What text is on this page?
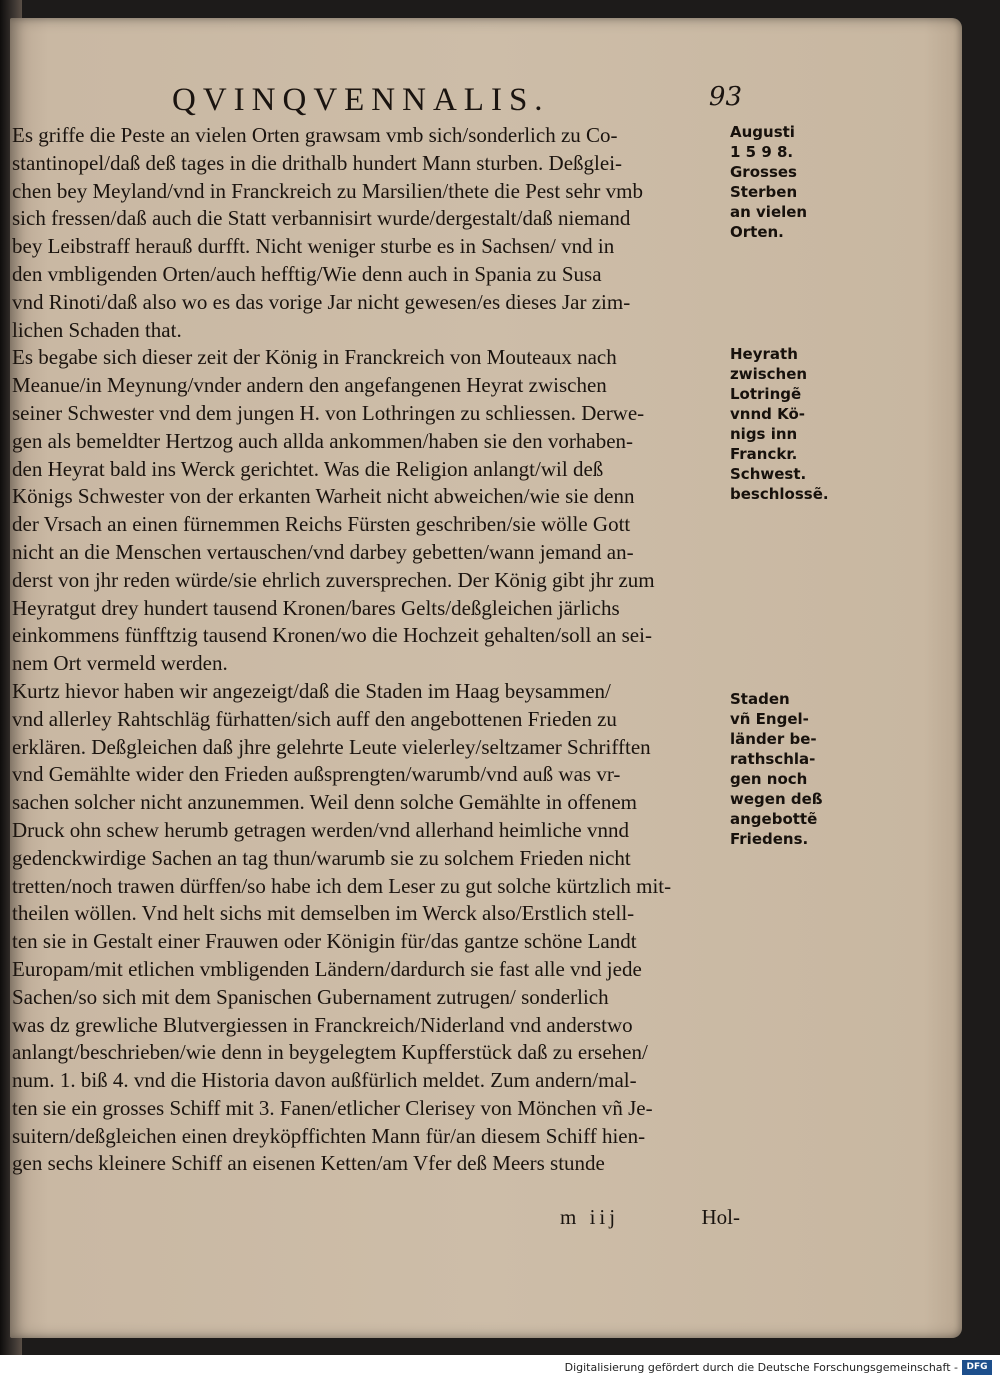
QVINQVENNALIS.	93
Es griffe die Peste an vielen Orten grawsam vmb sich/sonderlich zu Co-
stantinopel/daß deß tages in die drithalb hundert Mann sturben. Deßglei-
chen bey Meyland/vnd in Franckreich zu Marsilien/thete die Pest sehr vmb
sich fressen/daß auch die Statt verbannisirt wurde/dergestalt/daß niemand
bey Leibstraff herauß durfft. Nicht weniger sturbe es in Sachsen/ vnd in
den vmbligenden Orten/auch hefftig/Wie denn auch in Spania zu Susa
vnd Rinoti/daß also wo es das vorige Jar nicht gewesen/es dieses Jar zim-
lichen Schaden that.
Es begabe sich dieser zeit der König in Franckreich von Mouteaux nach
Meanue/in Meynung/vnder andern den angefangenen Heyrat zwischen
seiner Schwester vnd dem jungen H. von Lothringen zu schliessen. Derwe-
gen als bemeldter Hertzog auch allda ankommen/haben sie den vorhaben-
den Heyrat bald ins Werck gerichtet. Was die Religion anlangt/wil deß
Königs Schwester von der erkanten Warheit nicht abweichen/wie sie denn
der Vrsach an einen fürnemmen Reichs Fürsten geschriben/sie wölle Gott
nicht an die Menschen vertauschen/vnd darbey gebetten/wann jemand an-
derst von jhr reden würde/sie ehrlich zuversprechen. Der König gibt jhr zum
Heyratgut drey hundert tausend Kronen/bares Gelts/deßgleichen järlichs
einkommens fünfftzig tausend Kronen/wo die Hochzeit gehalten/soll an sei-
nem Ort vermeld werden.
Kurtz hievor haben wir angezeigt/daß die Staden im Haag beysammen/
vnd allerley Rahtschläg fürhatten/sich auff den angebottenen Frieden zu
erklären. Deßgleichen daß jhre gelehrte Leute vielerley/seltzamer Schrifften
vnd Gemählte wider den Frieden außsprengten/warumb/vnd auß was vr-
sachen solcher nicht anzunemmen. Weil denn solche Gemählte in offenem
Druck ohn schew herumb getragen werden/vnd allerhand heimliche vnnd
gedenckwirdige Sachen an tag thun/warumb sie zu solchem Frieden nicht
tretten/noch trawen dürffen/so habe ich dem Leser zu gut solche kürtzlich mit-
theilen wöllen. Vnd helt sichs mit demselben im Werck also/Erstlich stell-
ten sie in Gestalt einer Frauwen oder Königin für/das gantze schöne Landt
Europam/mit etlichen vmbligenden Ländern/dardurch sie fast alle vnd jede
Sachen/so sich mit dem Spanischen Gubernament zutrugen/ sonderlich
was dz grewliche Blutvergiessen in Franckreich/Niderland vnd anderstwo
anlangt/beschrieben/wie denn in beygelegtem Kupfferstück daß zu ersehen/
num. 1. biß 4. vnd die Historia davon außfürlich meldet. Zum andern/mal-
ten sie ein grosses Schiff mit 3. Fanen/etlicher Clerisey von Mönchen vñ Je-
suitern/deßgleichen einen dreyköpffichten Mann für/an diesem Schiff hien-
gen sechs kleinere Schiff an eisenen Ketten/am Vfer deß Meers stunde
Augusti
1 5 9 8.
Grosses
Sterben
an vielen
Orten.
Heyrath
zwischen
Lotringẽ
vnnd Kö-
nigs inn
Franckr.
Schwest.
beschlossẽ.
Staden
vñ Engel-
länder be-
rathschla-
gen noch
wegen deß
angebottẽ
Friedens.
m iij	Hol-
Digitalisierung gefördert durch die Deutsche Forschungsgemeinschaft - DFG
